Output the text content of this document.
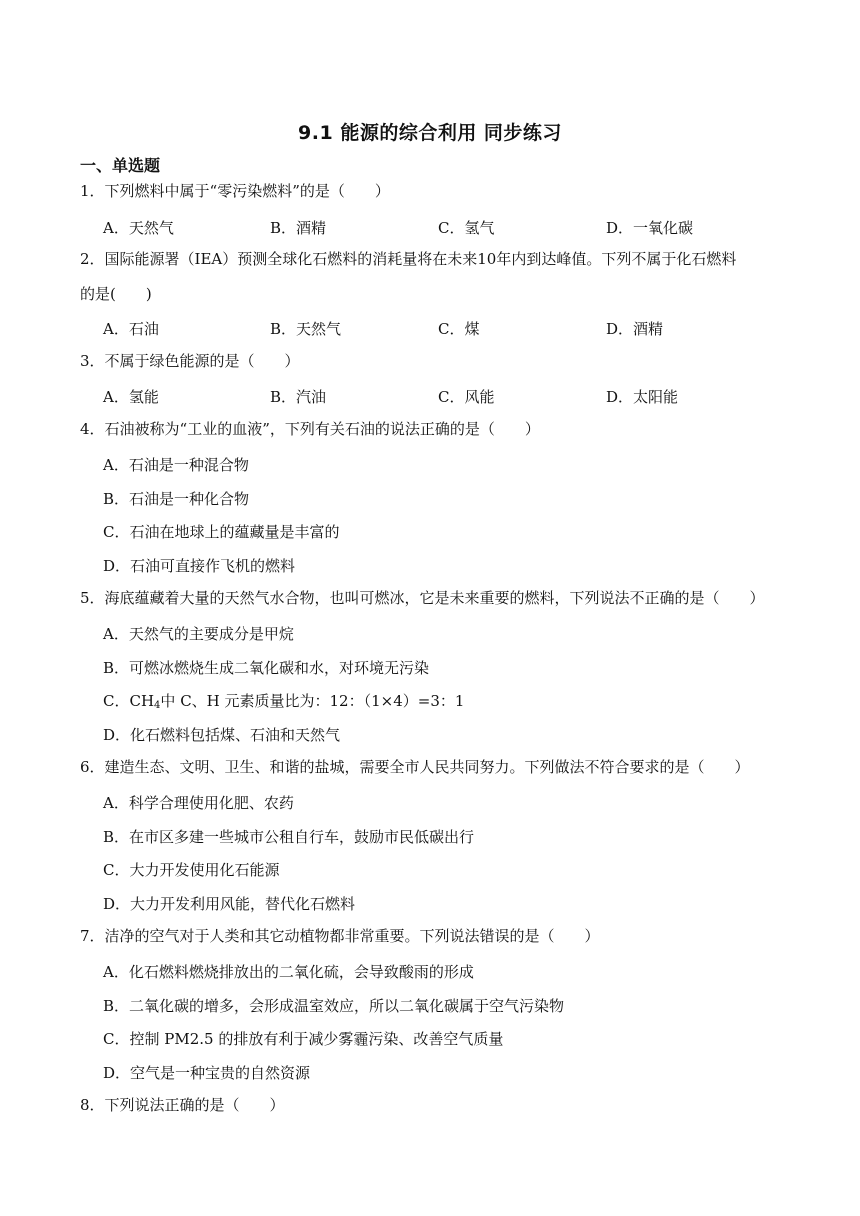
9.1 能源的综合利用 同步练习
一、单选题
1．下列燃料中属于“零污染燃料”的是（　　）
A．天然气	B．酒精	C．氢气	D．一氧化碳
2．国际能源署（IEA）预测全球化石燃料的消耗量将在未来10年内到达峰值。下列不属于化石燃料
的是(　　)
A．石油	B．天然气	C．煤	D．酒精
3．不属于绿色能源的是（　　）
A．氢能	B．汽油	C．风能	D．太阳能
4．石油被称为“工业的血液”，下列有关石油的说法正确的是（　　）
A．石油是一种混合物
B．石油是一种化合物
C．石油在地球上的蕴藏量是丰富的
D．石油可直接作飞机的燃料
5．海底蕴藏着大量的天然气水合物，也叫可燃冰，它是未来重要的燃料，下列说法不正确的是（　　）
A．天然气的主要成分是甲烷
B．可燃冰燃烧生成二氧化碳和水，对环境无污染
C．$CH_4$中 C、H 元素质量比为：12：（1×4）=3：1
D．化石燃料包括煤、石油和天然气
6．建造生态、文明、卫生、和谐的盐城，需要全市人民共同努力。下列做法不符合要求的是（　　）
A．科学合理使用化肥、农药
B．在市区多建一些城市公租自行车，鼓励市民低碳出行
C．大力开发使用化石能源
D．大力开发利用风能，替代化石燃料
7．洁净的空气对于人类和其它动植物都非常重要。下列说法错误的是（　　）
A．化石燃料燃烧排放出的二氧化硫，会导致酸雨的形成
B．二氧化碳的增多，会形成温室效应，所以二氧化碳属于空气污染物
C．控制 PM2.5 的排放有利于减少雾霾污染、改善空气质量
D．空气是一种宝贵的自然资源
8．下列说法正确的是（　　）
